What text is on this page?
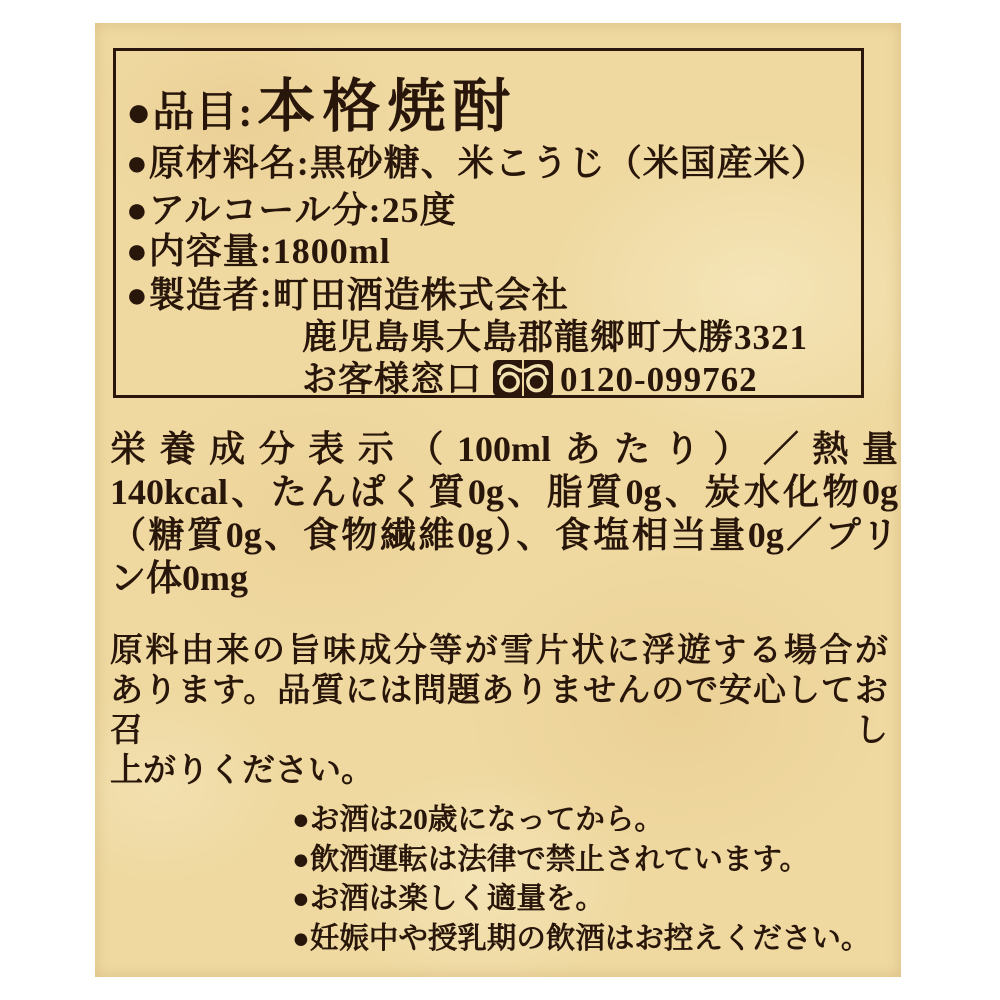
●品目:本格焼酎
●原材料名:黒砂糖、米こうじ（米国産米）
●アルコール分:25度
●内容量:1800ml
●製造者:町田酒造株式会社
鹿児島県大島郡龍郷町大勝3321
お客様窓口 0120-099762
栄養成分表示（100mlあたり）／熱量
140kcal、たんぱく質0g、脂質0g、炭水化物0g
（糖質0g、食物繊維0g）、食塩相当量0g／プリ
ン体0mg
原料由来の旨味成分等が雪片状に浮遊する場合が
あります。品質には問題ありませんので安心してお召し
上がりください。
●お酒は20歳になってから。
●飲酒運転は法律で禁止されています。
●お酒は楽しく適量を。
●妊娠中や授乳期の飲酒はお控えください。
